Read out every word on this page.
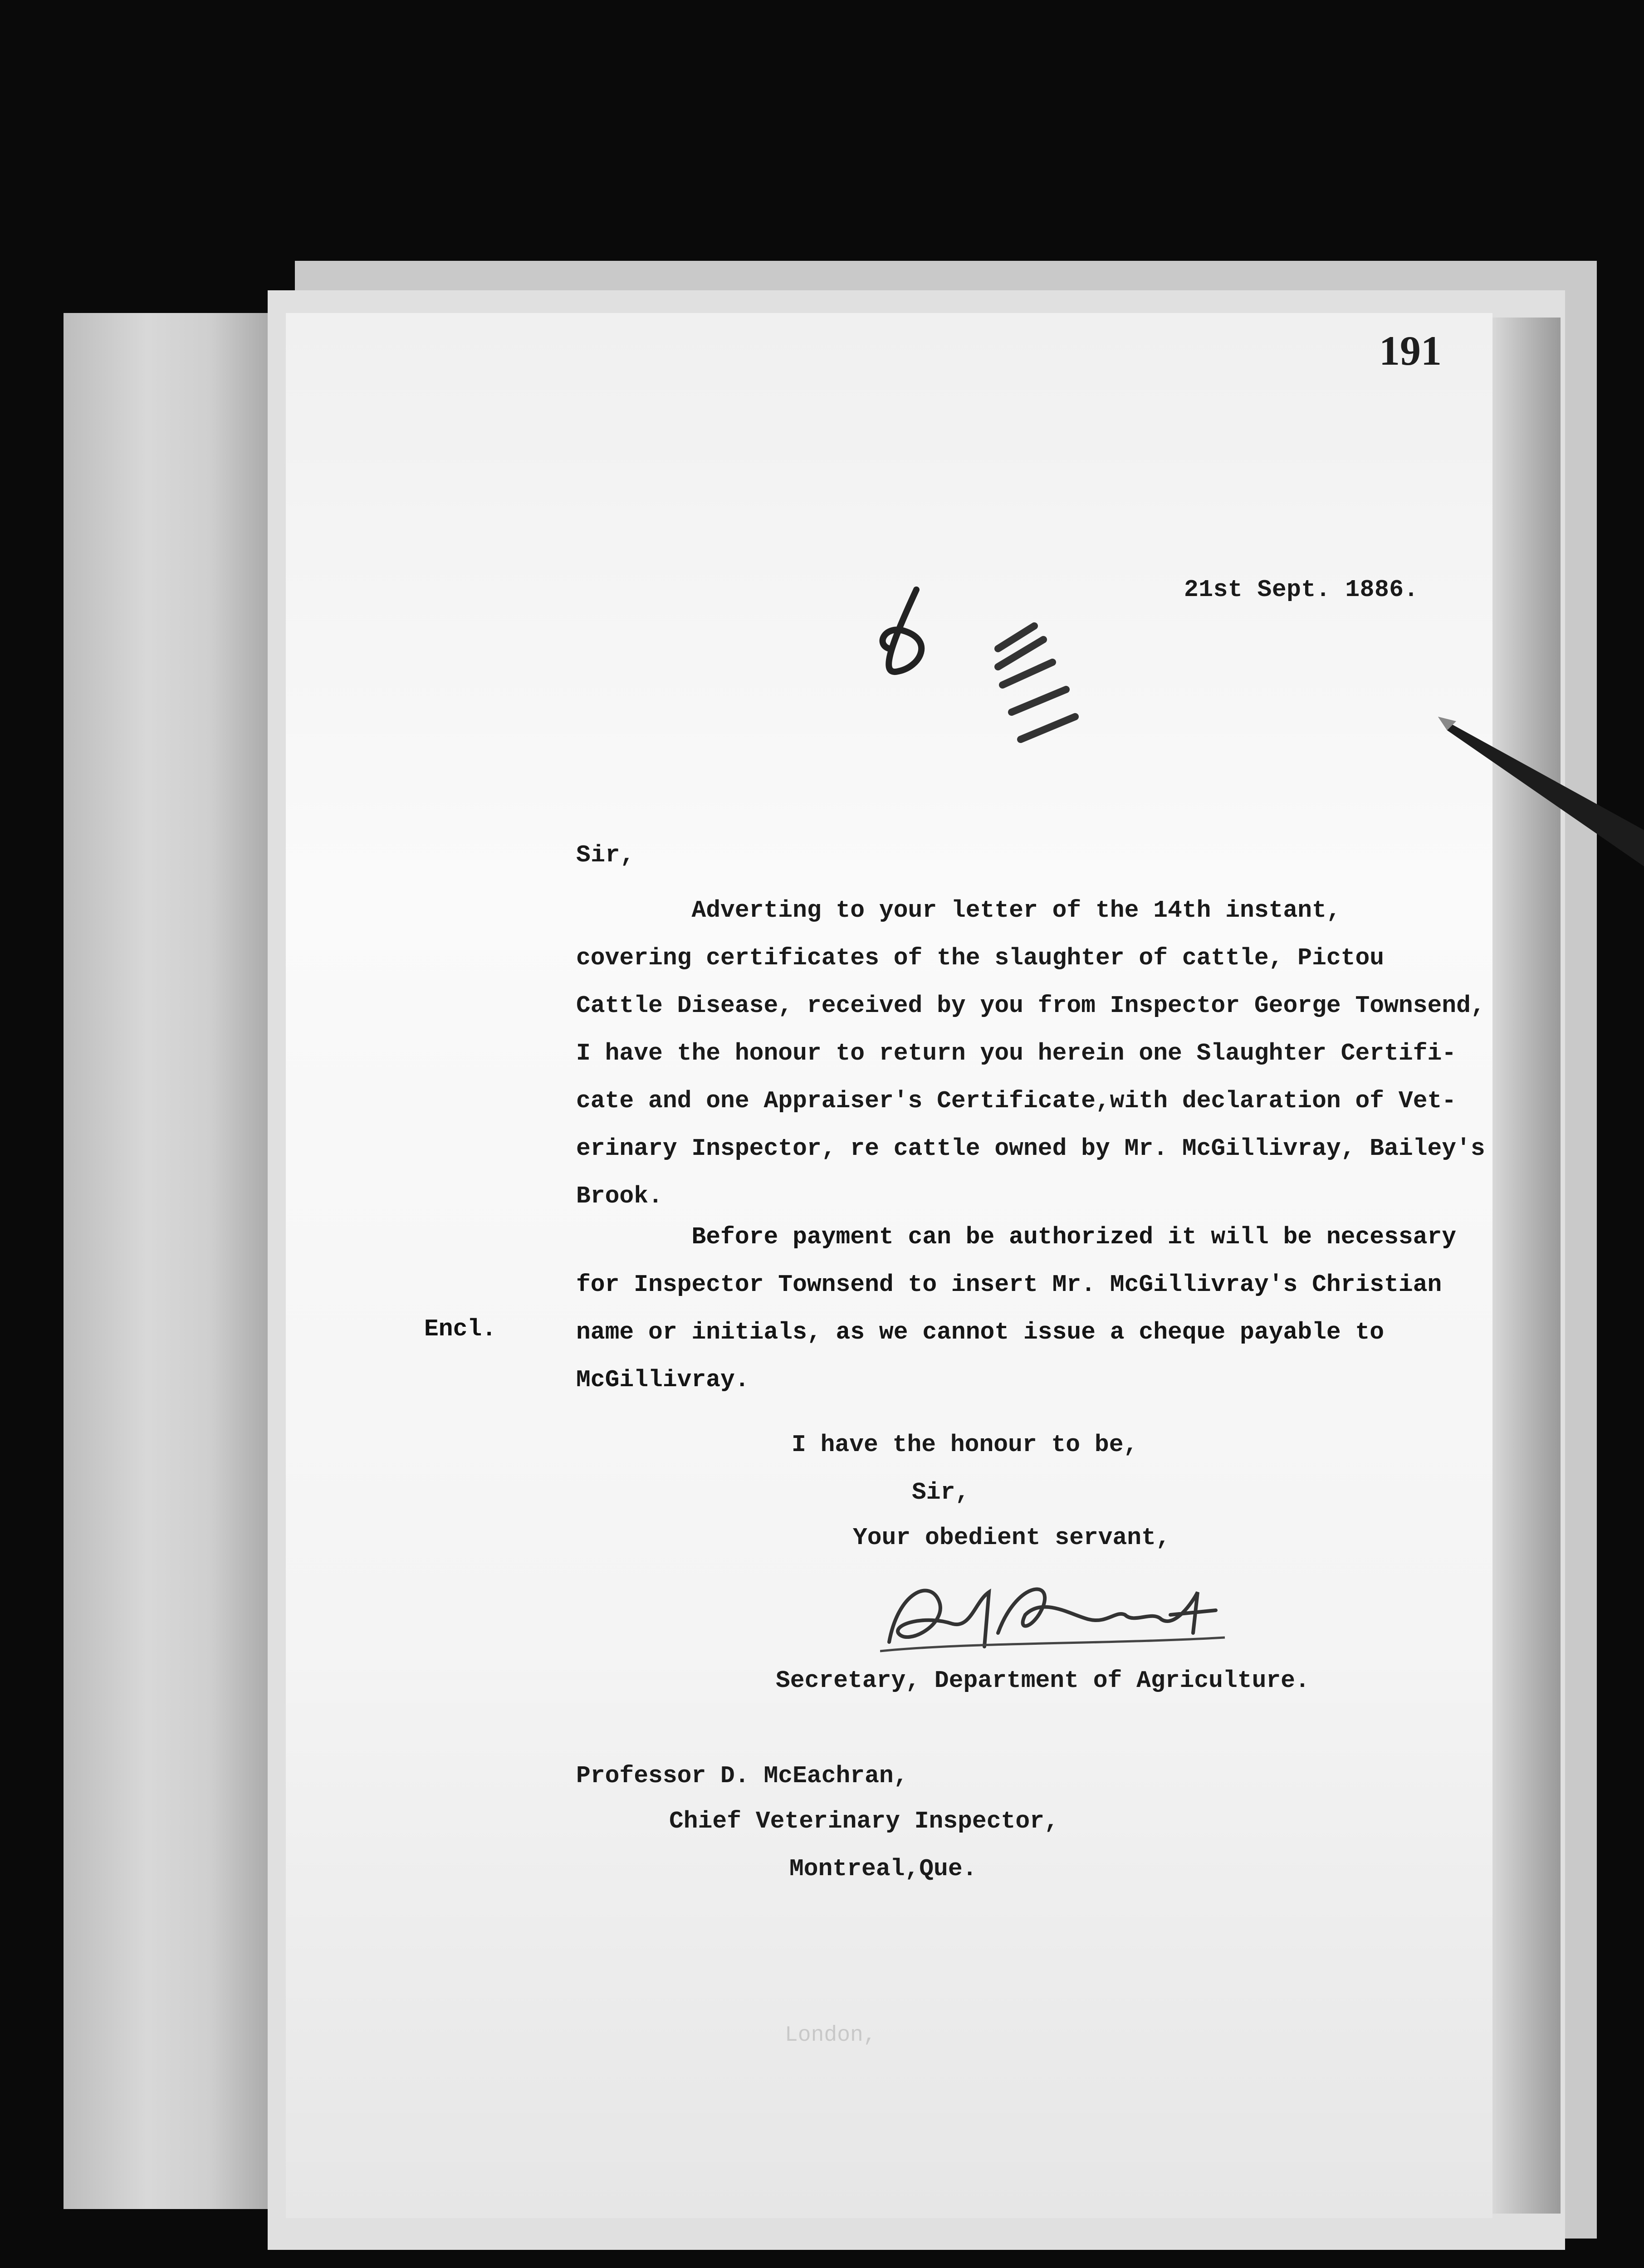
191
21st Sept. 1886.
Sir,
Adverting to your letter of the 14th instant,
covering certificates of the slaughter of cattle, Pictou
Cattle Disease, received by you from Inspector George Townsend,
I have the honour to return you herein one Slaughter Certifi-
cate and one Appraiser's Certificate,with declaration of Vet-
erinary Inspector, re cattle owned by Mr. McGillivray, Bailey's
Brook.
Before payment can be authorized it will be necessary
for Inspector Townsend to insert Mr. McGillivray's Christian
name or initials, as we cannot issue a cheque payable to
McGillivray.
Encl.
I have the honour to be,
Sir,
Your obedient servant,
Secretary, Department of Agriculture.
Professor D. McEachran,
Chief Veterinary Inspector,
Montreal,Que.
London,
